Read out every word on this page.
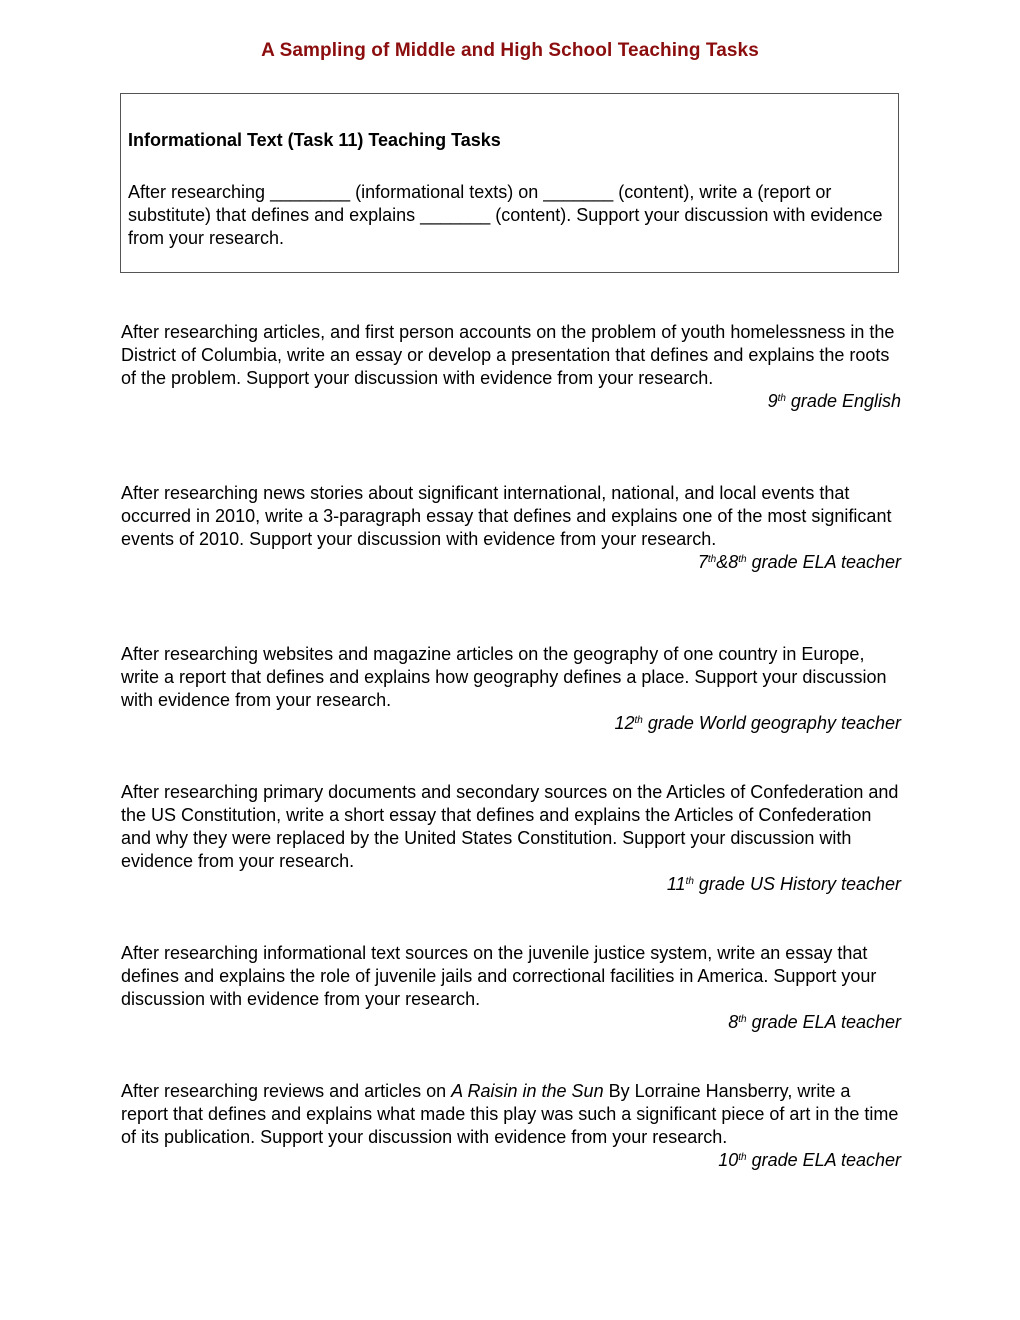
A Sampling of Middle and High School Teaching Tasks
Informational Text (Task 11) Teaching Tasks
After researching ________ (informational texts) on _______ (content), write a (report or substitute) that defines and explains _______ (content). Support your discussion with evidence from your research.

After researching articles, and first person accounts on the problem of youth homelessness in the District of Columbia, write an essay or develop a presentation that defines and explains the roots of the problem. Support your discussion with evidence from your research.

9th grade English

After researching news stories about significant international, national, and local events that occurred in 2010, write a 3-paragraph essay that defines and explains one of the most significant events of 2010. Support your discussion with evidence from your research.

7th&8th grade ELA teacher

After researching websites and magazine articles on the geography of one country in Europe, write a report that defines and explains how geography defines a place. Support your discussion with evidence from your research.

12th grade World geography teacher

After researching primary documents and secondary sources on the Articles of Confederation and the US Constitution, write a short essay that defines and explains the Articles of Confederation and why they were replaced by the United States Constitution. Support your discussion with evidence from your research.

11th grade US History teacher

After researching informational text sources on the juvenile justice system, write an essay that defines and explains the role of juvenile jails and correctional facilities in America. Support your discussion with evidence from your research.

8th grade ELA teacher

After researching reviews and articles on A Raisin in the Sun By Lorraine Hansberry, write a report that defines and explains what made this play was such a significant piece of art in the time of its publication. Support your discussion with evidence from your research.

10th grade ELA teacher
